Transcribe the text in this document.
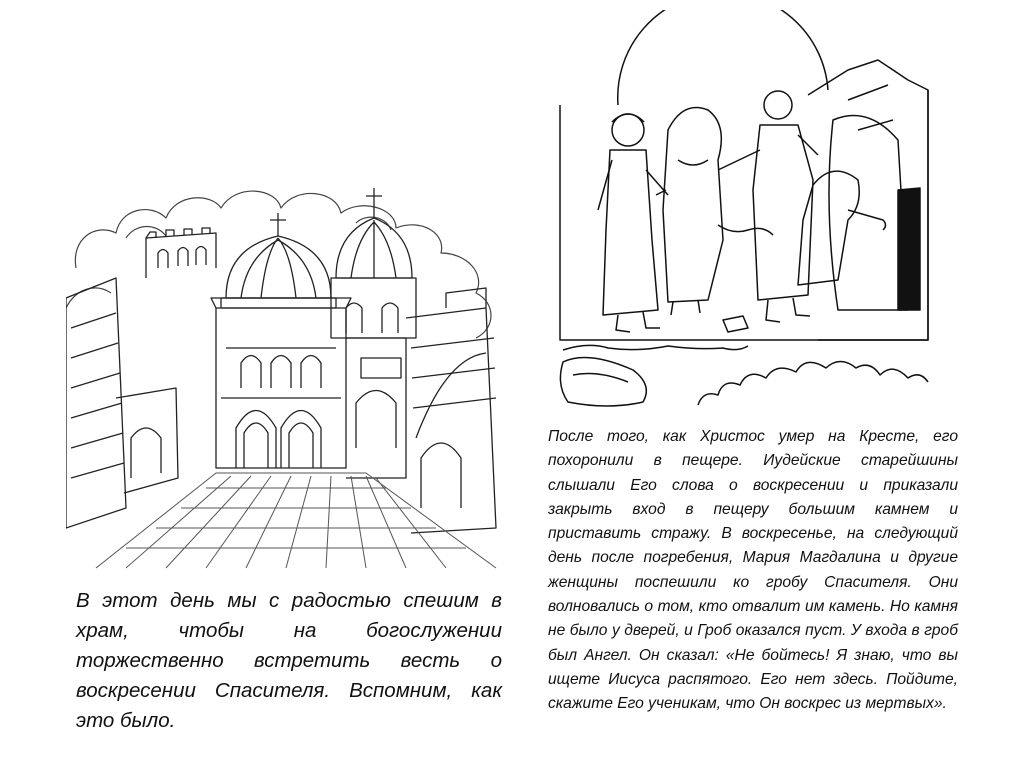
В этот день мы с радостью спешим в храм, чтобы на богослужении торжественно встретить весть о воскресении Спасителя. Вспомним, как это было.
После того, как Христос умер на Кресте, его похоронили в пещере. Иудейские старейшины слышали Его слова о воскресении и приказали закрыть вход в пещеру большим камнем и приставить стражу. В воскресенье, на следующий день после погребения, Мария Магдалина и другие женщины поспешили ко гробу Спасителя. Они волновались о том, кто отвалит им камень. Но камня не было у дверей, и Гроб оказался пуст. У входа в гроб был Ангел. Он сказал: «Не бойтесь! Я знаю, что вы ищете Иисуса распятого. Его нет здесь. Пойдите, скажите Его ученикам, что Он воскрес из мертвых».
